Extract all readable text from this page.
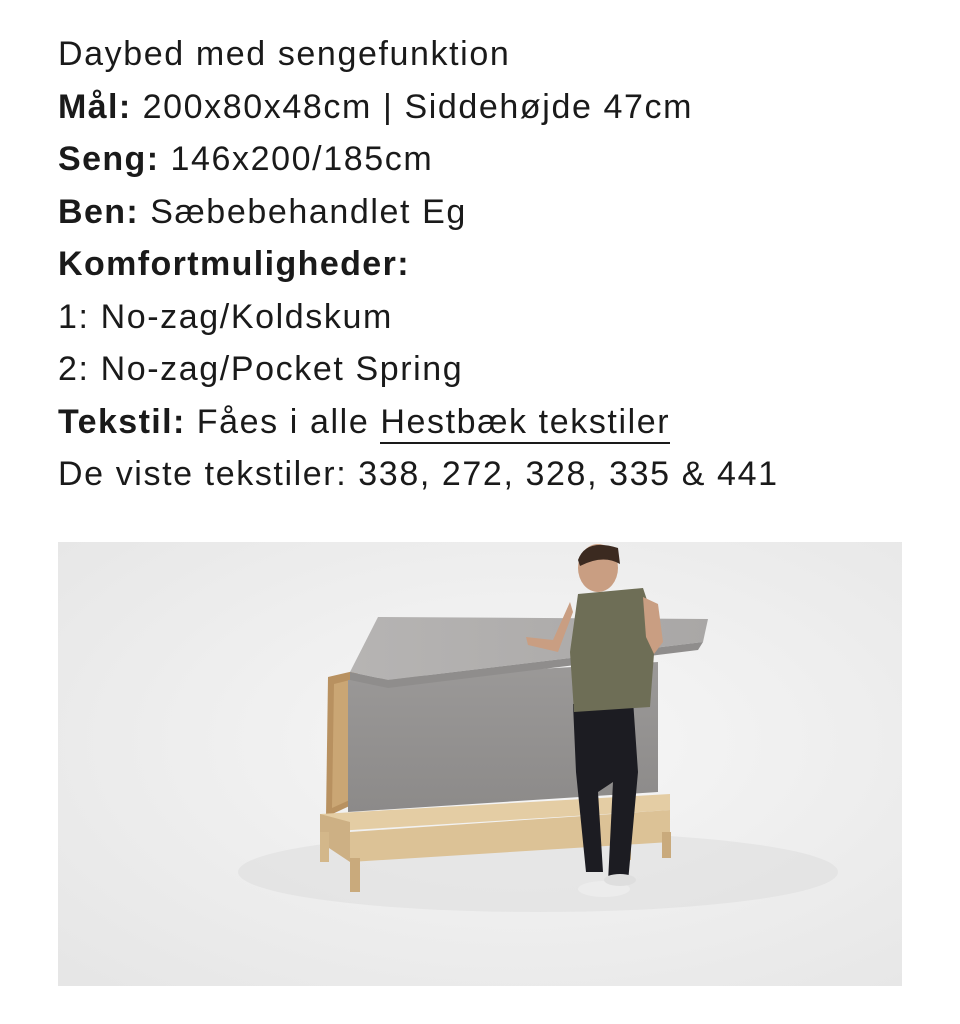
Daybed med sengefunktion
Mål: 200x80x48cm | Siddehøjde 47cm
Seng: 146x200/185cm
Ben: Sæbebehandlet Eg
Komfortmuligheder:
1: No-zag/Koldskum
2: No-zag/Pocket Spring
Tekstil: Fåes i alle Hestbæk tekstiler
De viste tekstiler: 338, 272, 328, 335 & 441
